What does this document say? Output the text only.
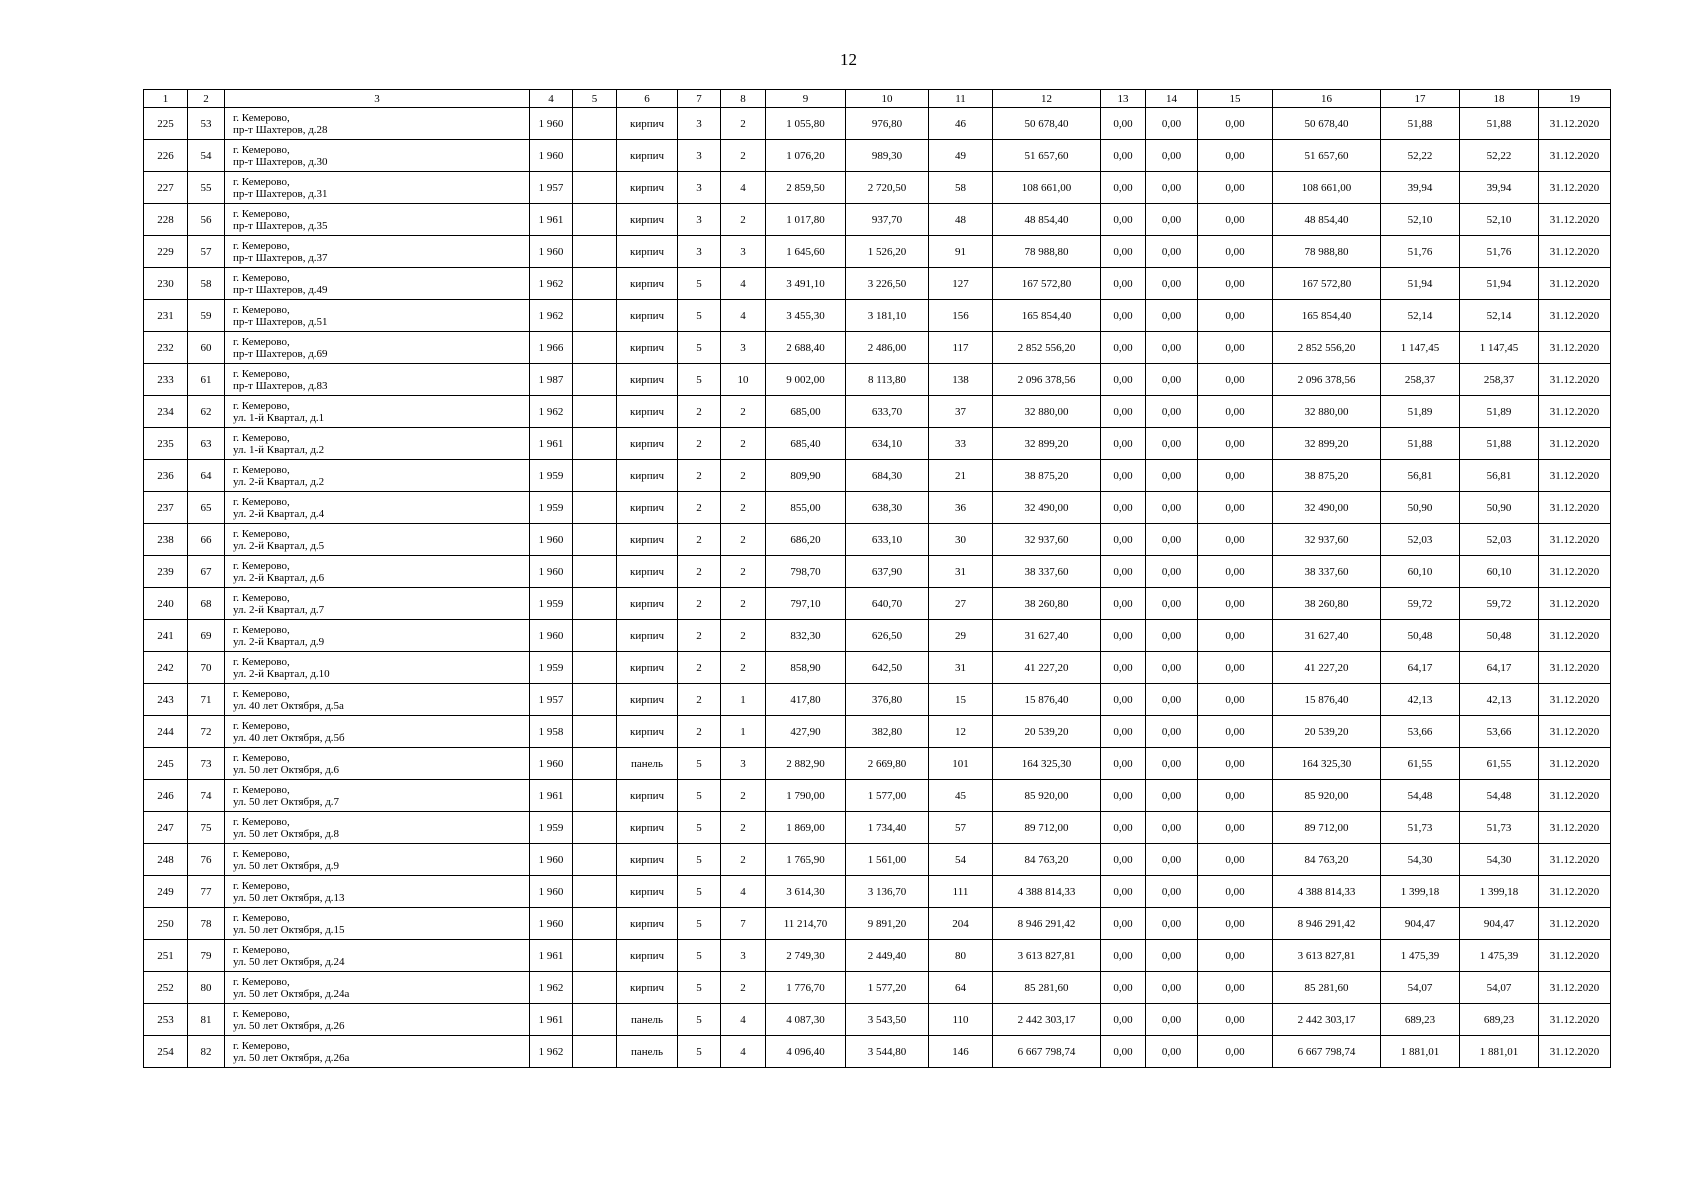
12
1	2	3	4	5	6	7	8	9	10	11	12	13	14	15	16	17	18	19
225	53	г. Кемерово,
пр-т Шахтеров, д.28	1 960		кирпич	3	2	1 055,80	976,80	46	50 678,40	0,00	0,00	0,00	50 678,40	51,88	51,88	31.12.2020
226	54	г. Кемерово,
пр-т Шахтеров, д.30	1 960		кирпич	3	2	1 076,20	989,30	49	51 657,60	0,00	0,00	0,00	51 657,60	52,22	52,22	31.12.2020
227	55	г. Кемерово,
пр-т Шахтеров, д.31	1 957		кирпич	3	4	2 859,50	2 720,50	58	108 661,00	0,00	0,00	0,00	108 661,00	39,94	39,94	31.12.2020
228	56	г. Кемерово,
пр-т Шахтеров, д.35	1 961		кирпич	3	2	1 017,80	937,70	48	48 854,40	0,00	0,00	0,00	48 854,40	52,10	52,10	31.12.2020
229	57	г. Кемерово,
пр-т Шахтеров, д.37	1 960		кирпич	3	3	1 645,60	1 526,20	91	78 988,80	0,00	0,00	0,00	78 988,80	51,76	51,76	31.12.2020
230	58	г. Кемерово,
пр-т Шахтеров, д.49	1 962		кирпич	5	4	3 491,10	3 226,50	127	167 572,80	0,00	0,00	0,00	167 572,80	51,94	51,94	31.12.2020
231	59	г. Кемерово,
пр-т Шахтеров, д.51	1 962		кирпич	5	4	3 455,30	3 181,10	156	165 854,40	0,00	0,00	0,00	165 854,40	52,14	52,14	31.12.2020
232	60	г. Кемерово,
пр-т Шахтеров, д.69	1 966		кирпич	5	3	2 688,40	2 486,00	117	2 852 556,20	0,00	0,00	0,00	2 852 556,20	1 147,45	1 147,45	31.12.2020
233	61	г. Кемерово,
пр-т Шахтеров, д.83	1 987		кирпич	5	10	9 002,00	8 113,80	138	2 096 378,56	0,00	0,00	0,00	2 096 378,56	258,37	258,37	31.12.2020
234	62	г. Кемерово,
ул. 1-й Квартал, д.1	1 962		кирпич	2	2	685,00	633,70	37	32 880,00	0,00	0,00	0,00	32 880,00	51,89	51,89	31.12.2020
235	63	г. Кемерово,
ул. 1-й Квартал, д.2	1 961		кирпич	2	2	685,40	634,10	33	32 899,20	0,00	0,00	0,00	32 899,20	51,88	51,88	31.12.2020
236	64	г. Кемерово,
ул. 2-й Квартал, д.2	1 959		кирпич	2	2	809,90	684,30	21	38 875,20	0,00	0,00	0,00	38 875,20	56,81	56,81	31.12.2020
237	65	г. Кемерово,
ул. 2-й Квартал, д.4	1 959		кирпич	2	2	855,00	638,30	36	32 490,00	0,00	0,00	0,00	32 490,00	50,90	50,90	31.12.2020
238	66	г. Кемерово,
ул. 2-й Квартал, д.5	1 960		кирпич	2	2	686,20	633,10	30	32 937,60	0,00	0,00	0,00	32 937,60	52,03	52,03	31.12.2020
239	67	г. Кемерово,
ул. 2-й Квартал, д.6	1 960		кирпич	2	2	798,70	637,90	31	38 337,60	0,00	0,00	0,00	38 337,60	60,10	60,10	31.12.2020
240	68	г. Кемерово,
ул. 2-й Квартал, д.7	1 959		кирпич	2	2	797,10	640,70	27	38 260,80	0,00	0,00	0,00	38 260,80	59,72	59,72	31.12.2020
241	69	г. Кемерово,
ул. 2-й Квартал, д.9	1 960		кирпич	2	2	832,30	626,50	29	31 627,40	0,00	0,00	0,00	31 627,40	50,48	50,48	31.12.2020
242	70	г. Кемерово,
ул. 2-й Квартал, д.10	1 959		кирпич	2	2	858,90	642,50	31	41 227,20	0,00	0,00	0,00	41 227,20	64,17	64,17	31.12.2020
243	71	г. Кемерово,
ул. 40 лет Октября, д.5а	1 957		кирпич	2	1	417,80	376,80	15	15 876,40	0,00	0,00	0,00	15 876,40	42,13	42,13	31.12.2020
244	72	г. Кемерово,
ул. 40 лет Октября, д.5б	1 958		кирпич	2	1	427,90	382,80	12	20 539,20	0,00	0,00	0,00	20 539,20	53,66	53,66	31.12.2020
245	73	г. Кемерово,
ул. 50 лет Октября, д.6	1 960		панель	5	3	2 882,90	2 669,80	101	164 325,30	0,00	0,00	0,00	164 325,30	61,55	61,55	31.12.2020
246	74	г. Кемерово,
ул. 50 лет Октября, д.7	1 961		кирпич	5	2	1 790,00	1 577,00	45	85 920,00	0,00	0,00	0,00	85 920,00	54,48	54,48	31.12.2020
247	75	г. Кемерово,
ул. 50 лет Октября, д.8	1 959		кирпич	5	2	1 869,00	1 734,40	57	89 712,00	0,00	0,00	0,00	89 712,00	51,73	51,73	31.12.2020
248	76	г. Кемерово,
ул. 50 лет Октября, д.9	1 960		кирпич	5	2	1 765,90	1 561,00	54	84 763,20	0,00	0,00	0,00	84 763,20	54,30	54,30	31.12.2020
249	77	г. Кемерово,
ул. 50 лет Октября, д.13	1 960		кирпич	5	4	3 614,30	3 136,70	111	4 388 814,33	0,00	0,00	0,00	4 388 814,33	1 399,18	1 399,18	31.12.2020
250	78	г. Кемерово,
ул. 50 лет Октября, д.15	1 960		кирпич	5	7	11 214,70	9 891,20	204	8 946 291,42	0,00	0,00	0,00	8 946 291,42	904,47	904,47	31.12.2020
251	79	г. Кемерово,
ул. 50 лет Октября, д.24	1 961		кирпич	5	3	2 749,30	2 449,40	80	3 613 827,81	0,00	0,00	0,00	3 613 827,81	1 475,39	1 475,39	31.12.2020
252	80	г. Кемерово,
ул. 50 лет Октября, д.24а	1 962		кирпич	5	2	1 776,70	1 577,20	64	85 281,60	0,00	0,00	0,00	85 281,60	54,07	54,07	31.12.2020
253	81	г. Кемерово,
ул. 50 лет Октября, д.26	1 961		панель	5	4	4 087,30	3 543,50	110	2 442 303,17	0,00	0,00	0,00	2 442 303,17	689,23	689,23	31.12.2020
254	82	г. Кемерово,
ул. 50 лет Октября, д.26а	1 962		панель	5	4	4 096,40	3 544,80	146	6 667 798,74	0,00	0,00	0,00	6 667 798,74	1 881,01	1 881,01	31.12.2020
